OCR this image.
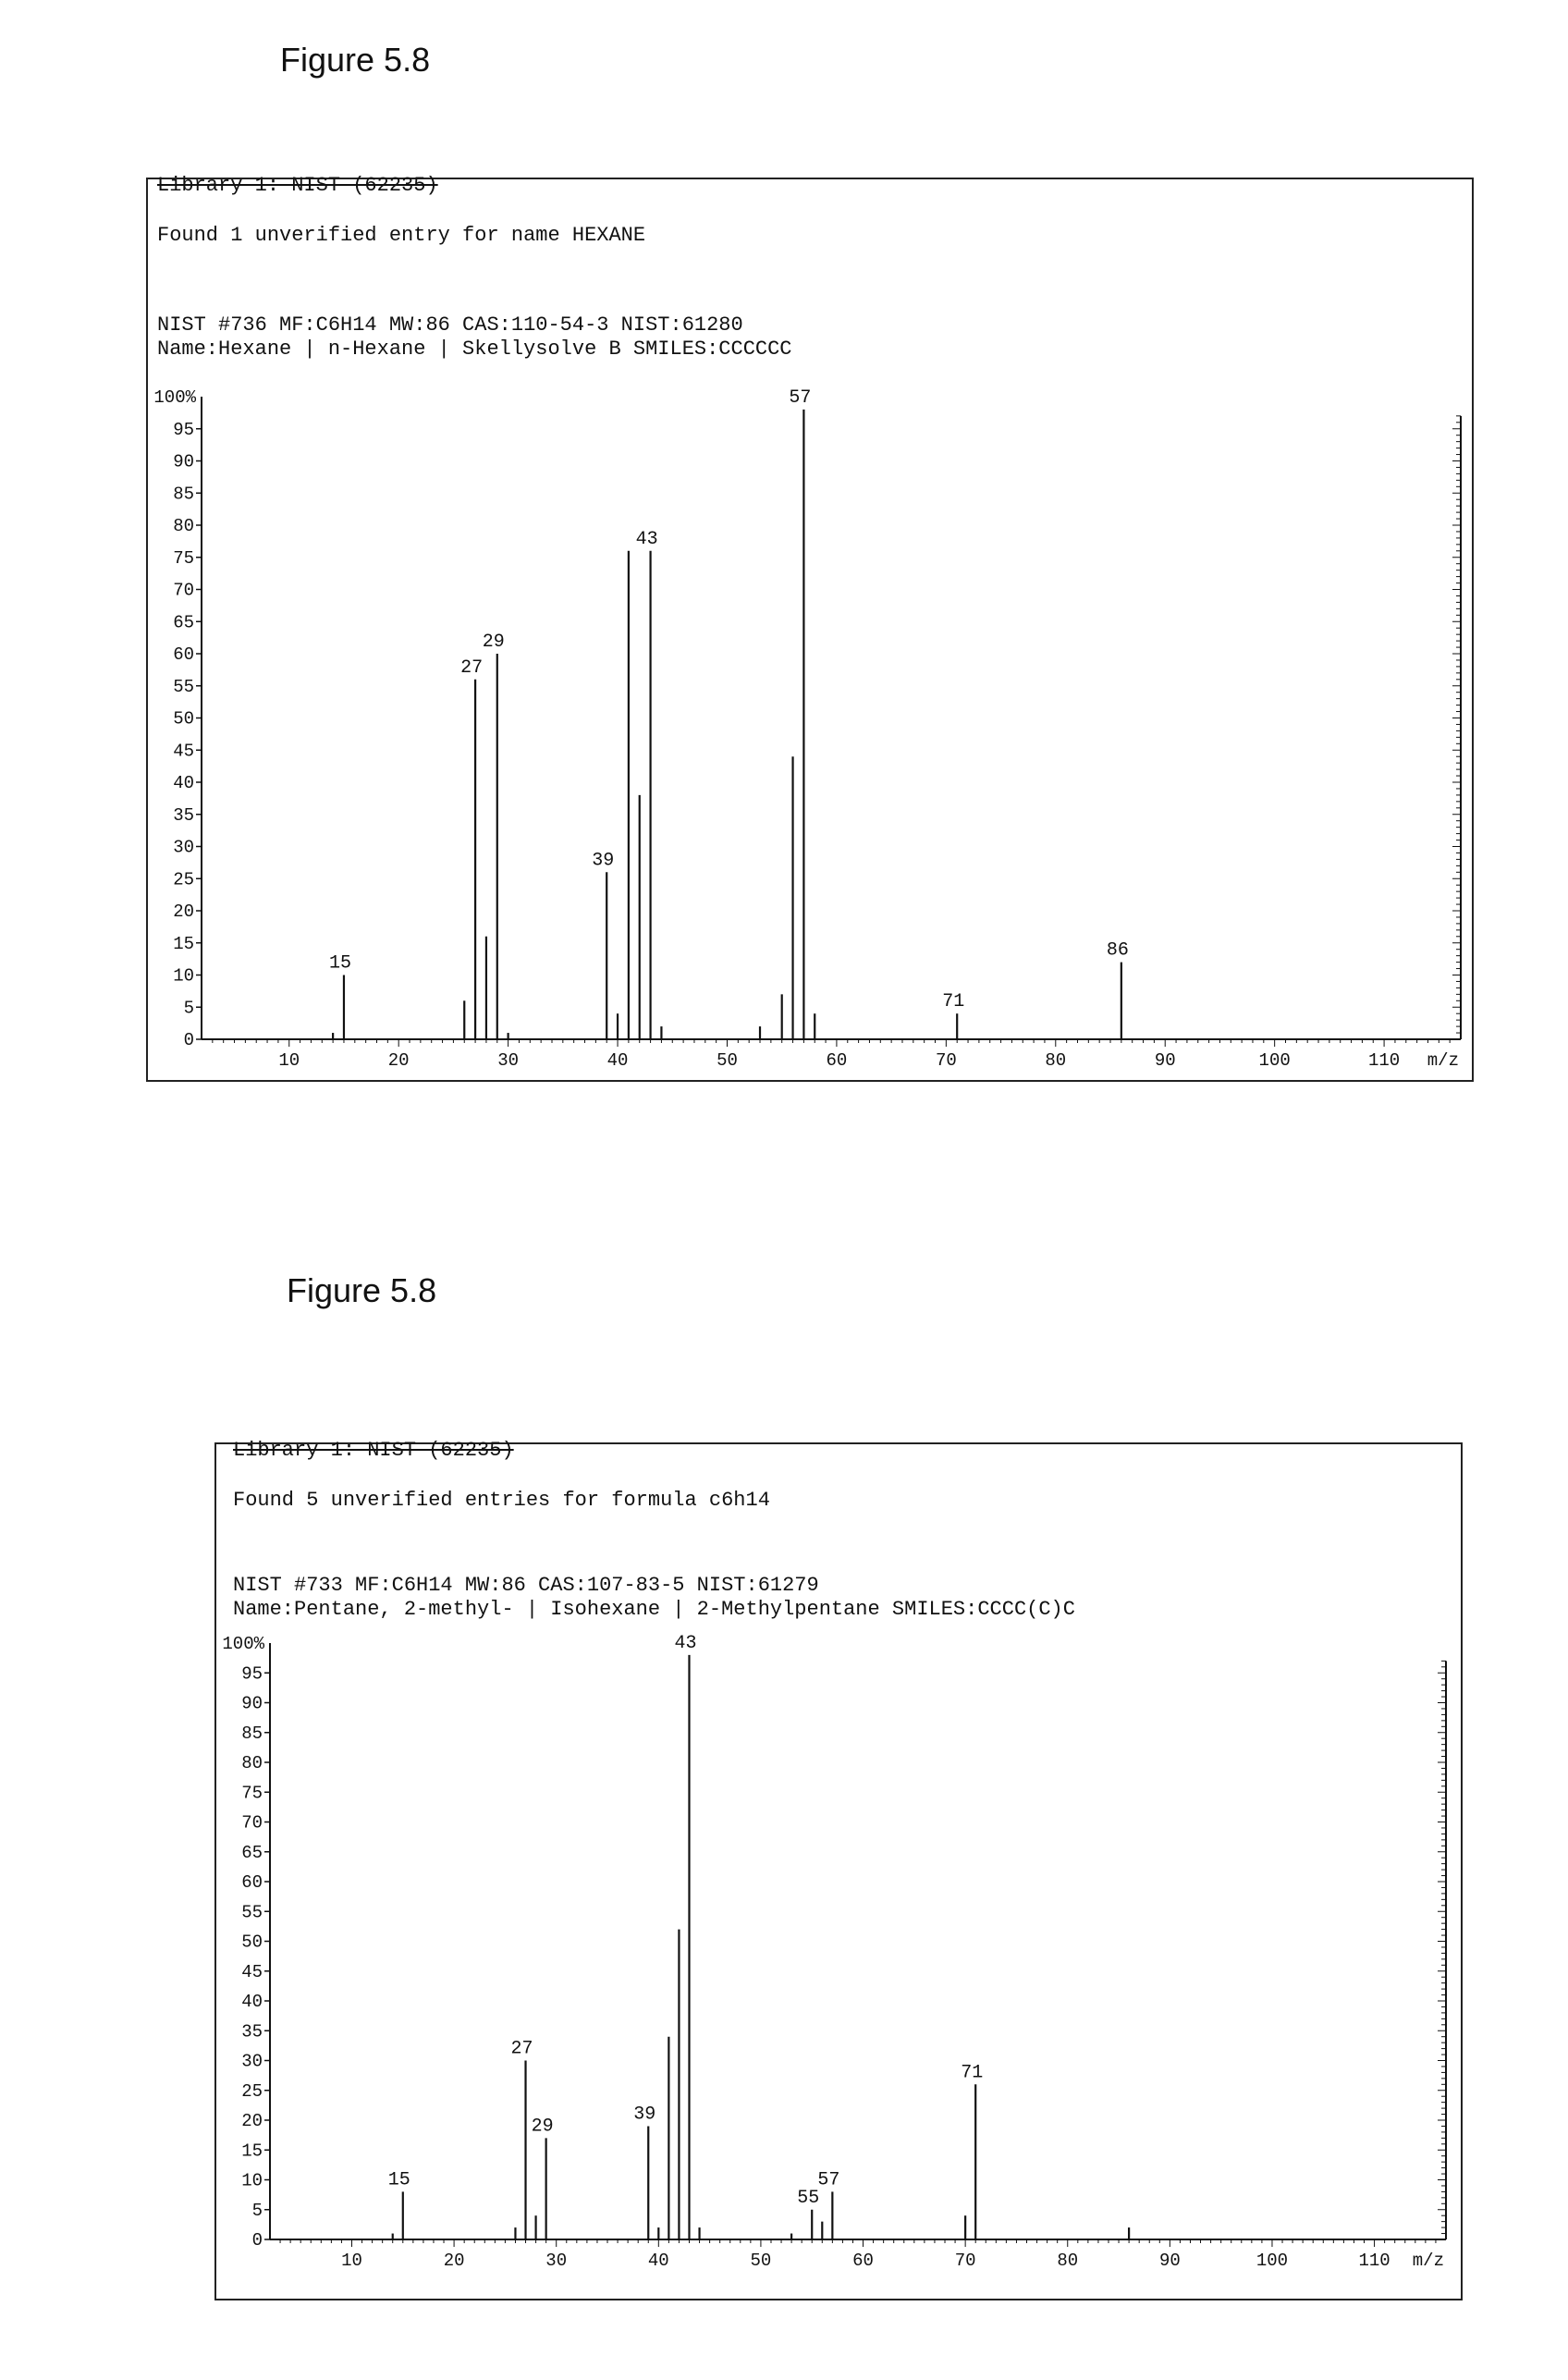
Figure 5.8
Library 1: NIST (62235)
Found 1 unverified entry for name HEXANE
NIST #736 MF:C6H14 MW:86 CAS:110-54-3 NIST:61280
Name:Hexane | n-Hexane | Skellysolve B SMILES:CCCCCC
0
5
10
15
20
25
30
35
40
45
50
55
60
65
70
75
80
85
90
95
100%
10	20	30	40	50	60	70	80	90	100	110 m/z
15
27
29
39
43
57
71
86
Figure 5.8
Library 1: NIST (62235)
Found 5 unverified entries for formula c6h14
NIST #733 MF:C6H14 MW:86 CAS:107-83-5 NIST:61279
Name:Pentane, 2-methyl- | Isohexane | 2-Methylpentane SMILES:CCCC(C)C
0
5
10
15
20
25
30
35
40
45
50
55
60
65
70
75
80
85
90
95
100%
10	20	30	40	50	60	70	80	90	100	110 m/z
15
27
29
39
43
55
57
71
